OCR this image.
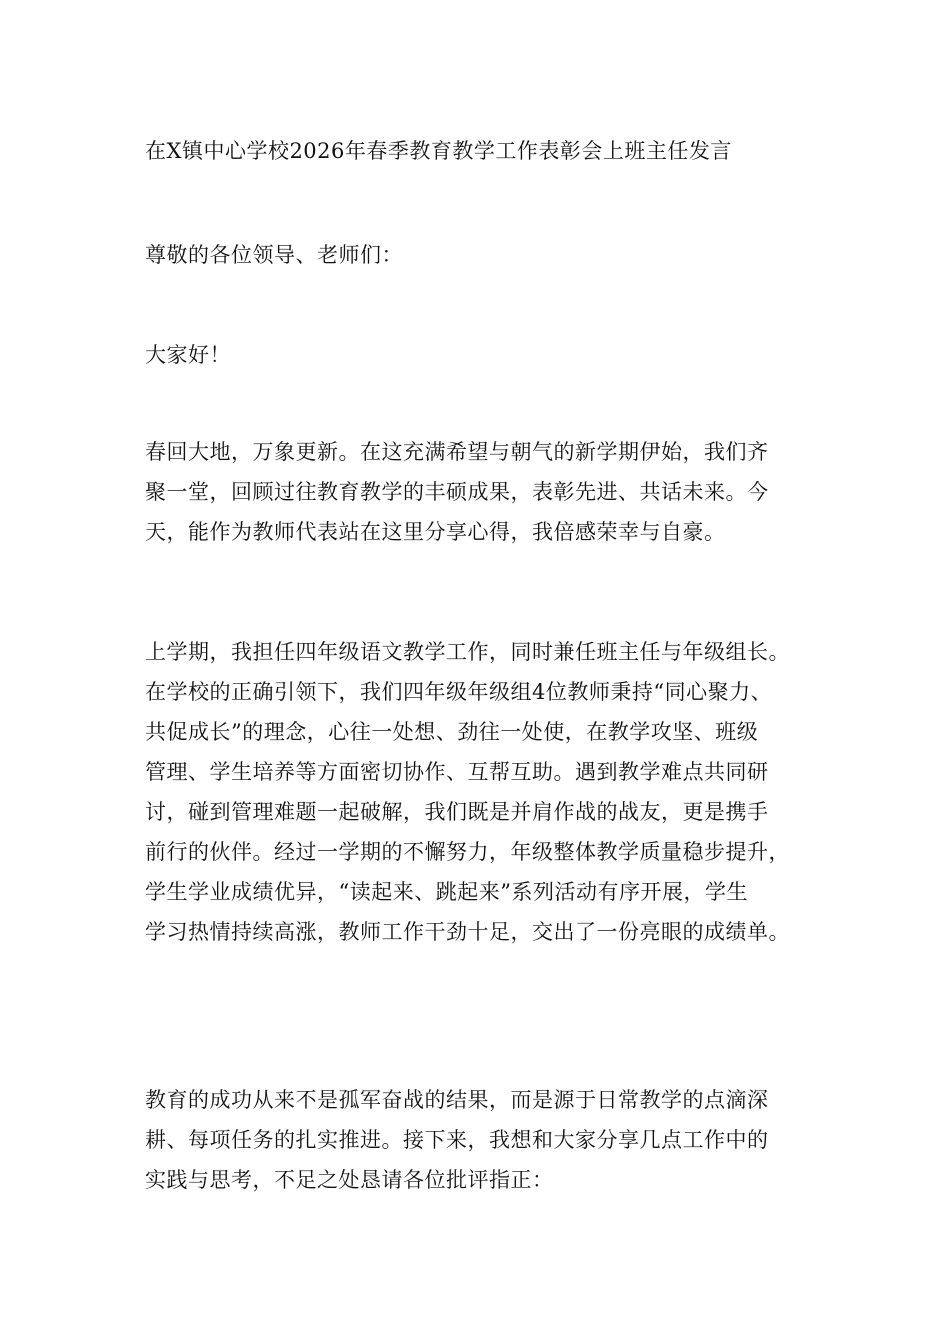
在X镇中心学校2026年春季教育教学工作表彰会上班主任发言

尊敬的各位领导、老师们：

大家好！

春回大地，万象更新。在这充满希望与朝气的新学期伊始，我们齐
聚一堂，回顾过往教育教学的丰硕成果，表彰先进、共话未来。今
天，能作为教师代表站在这里分享心得，我倍感荣幸与自豪。

上学期，我担任四年级语文教学工作，同时兼任班主任与年级组长。
在学校的正确引领下，我们四年级年级组4位教师秉持“同心聚力、
共促成长”的理念，心往一处想、劲往一处使，在教学攻坚、班级
管理、学生培养等方面密切协作、互帮互助。遇到教学难点共同研
讨，碰到管理难题一起破解，我们既是并肩作战的战友，更是携手
前行的伙伴。经过一学期的不懈努力，年级整体教学质量稳步提升，
学生学业成绩优异，“读起来、跳起来”系列活动有序开展，学生
学习热情持续高涨，教师工作干劲十足，交出了一份亮眼的成绩单。

教育的成功从来不是孤军奋战的结果，而是源于日常教学的点滴深
耕、每项任务的扎实推进。接下来，我想和大家分享几点工作中的
实践与思考，不足之处恳请各位批评指正：
